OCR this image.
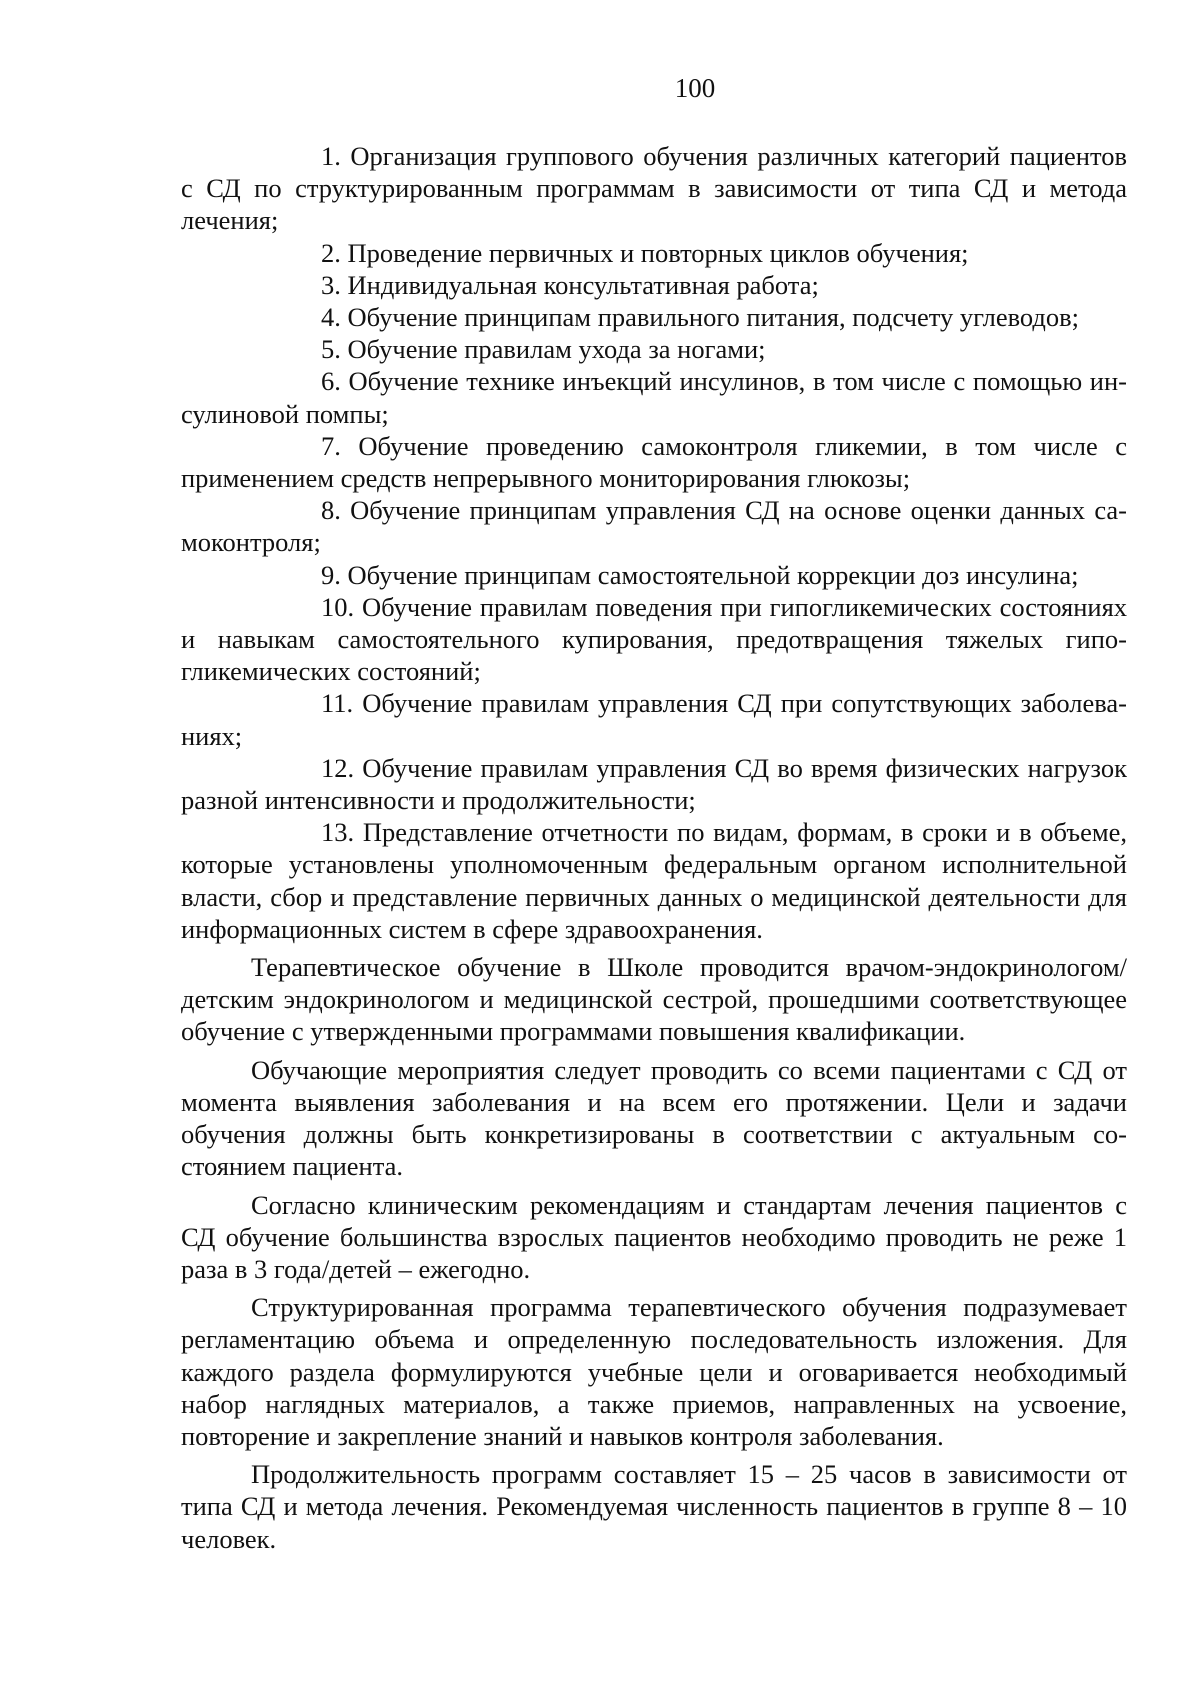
100

1. Организация группового обучения различных категорий пациентов с СД по структурированным программам в зависимости от типа СД и метода лечения;

2. Проведение первичных и повторных циклов обучения;

3. Индивидуальная консультативная работа;

4. Обучение принципам правильного питания, подсчету углеводов;

5. Обучение правилам ухода за ногами;

6. Обучение технике инъекций инсулинов, в том числе с помощью инсулиновой помпы;

7. Обучение проведению самоконтроля гликемии, в том числе с применением средств непрерывного мониторирования глюкозы;

8. Обучение принципам управления СД на основе оценки данных самоконтроля;

9. Обучение принципам самостоятельной коррекции доз инсулина;

10. Обучение правилам поведения при гипогликемических состояниях и навыкам самостоятельного купирования, предотвращения тяжелых гипогликемических состояний;

11. Обучение правилам управления СД при сопутствующих заболеваниях;

12. Обучение правилам управления СД во время физических нагрузок разной интенсивности и продолжительности;

13. Представление отчетности по видам, формам, в сроки и в объеме, которые установлены уполномоченным федеральным органом исполнительной власти, сбор и представление первичных данных о медицинской деятельности для информационных систем в сфере здравоохранения.

Терапевтическое обучение в Школе проводится врачом-эндокринологом/детским эндокринологом и медицинской сестрой, прошедшими соответствующее обучение с утвержденными программами повышения квалификации.

Обучающие мероприятия следует проводить со всеми пациентами с СД от момента выявления заболевания и на всем его протяжении. Цели и задачи обучения должны быть конкретизированы в соответствии с актуальным состоянием пациента.

Согласно клиническим рекомендациям и стандартам лечения пациентов с СД обучение большинства взрослых пациентов необходимо проводить не реже 1 раза в 3 года/детей – ежегодно.

Структурированная программа терапевтического обучения подразумевает регламентацию объема и определенную последовательность изложения. Для каждого раздела формулируются учебные цели и оговаривается необходимый набор наглядных материалов, а также приемов, направленных на усвоение, повторение и закрепление знаний и навыков контроля заболевания.

Продолжительность программ составляет 15 – 25 часов в зависимости от типа СД и метода лечения. Рекомендуемая численность пациентов в группе 8 – 10 человек.
